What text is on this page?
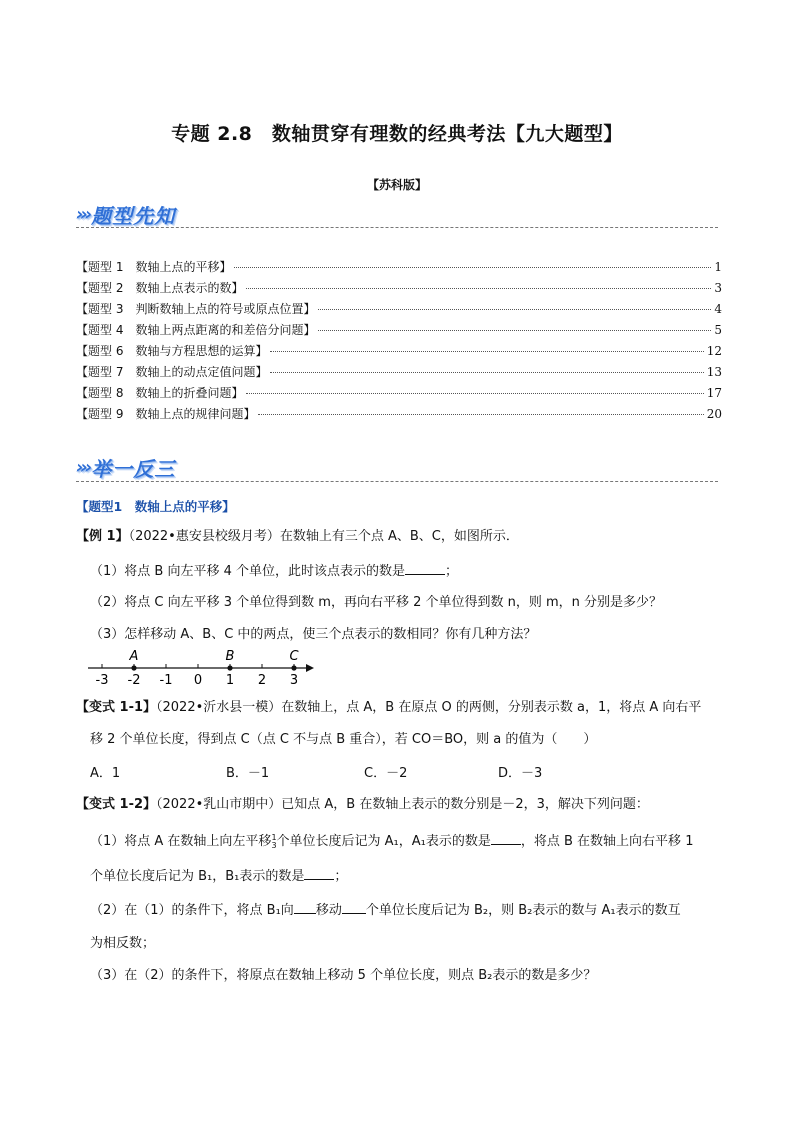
专题 2.8　数轴贯穿有理数的经典考法【九大题型】
【苏科版】
››› 题型先知
【题型 1　数轴上点的平移】	1
【题型 2　数轴上点表示的数】	3
【题型 3　判断数轴上点的符号或原点位置】	4
【题型 4　数轴上两点距离的和差倍分问题】	5
【题型 6　数轴与方程思想的运算】	12
【题型 7　数轴上的动点定值问题】	13
【题型 8　数轴上的折叠问题】	17
【题型 9　数轴上点的规律问题】	20
››› 举一反三
【题型1　数轴上点的平移】
【例 1】（2022•惠安县校级月考）在数轴上有三个点 A、B、C，如图所示．
（1）将点 B 向左平移 4 个单位，此时该点表示的数是	；
（2）将点 C 向左平移 3 个单位得到数 m，再向右平移 2 个单位得到数 n，则 m，n 分别是多少？
（3）怎样移动 A、B、C 中的两点，使三个点表示的数相同？你有几种方法？
-3 -2 -1 0 1 2 3
A	B	C
【变式 1-1】（2022•沂水县一模）在数轴上，点 A，B 在原点 O 的两侧，分别表示数 a，1，将点 A 向右平
移 2 个单位长度，得到点 C（点 C 不与点 B 重合），若 CO＝BO，则 a 的值为（　　）
A．1	B．－1	C．－2	D．－3
【变式 1-2】（2022•乳山市期中）已知点 A，B 在数轴上表示的数分别是－2，3，解决下列问题：
（1）将点 A 在数轴上向左平移1
3个单位长度后记为 A₁，A₁表示的数是 ，将点 B 在数轴上向右平移 1
个单位长度后记为 B₁，B₁表示的数是 ；
（2）在（1）的条件下，将点 B₁向 移动 个单位长度后记为 B₂，则 B₂表示的数与 A₁表示的数互
为相反数；
（3）在（2）的条件下，将原点在数轴上移动 5 个单位长度，则点 B₂表示的数是多少？
